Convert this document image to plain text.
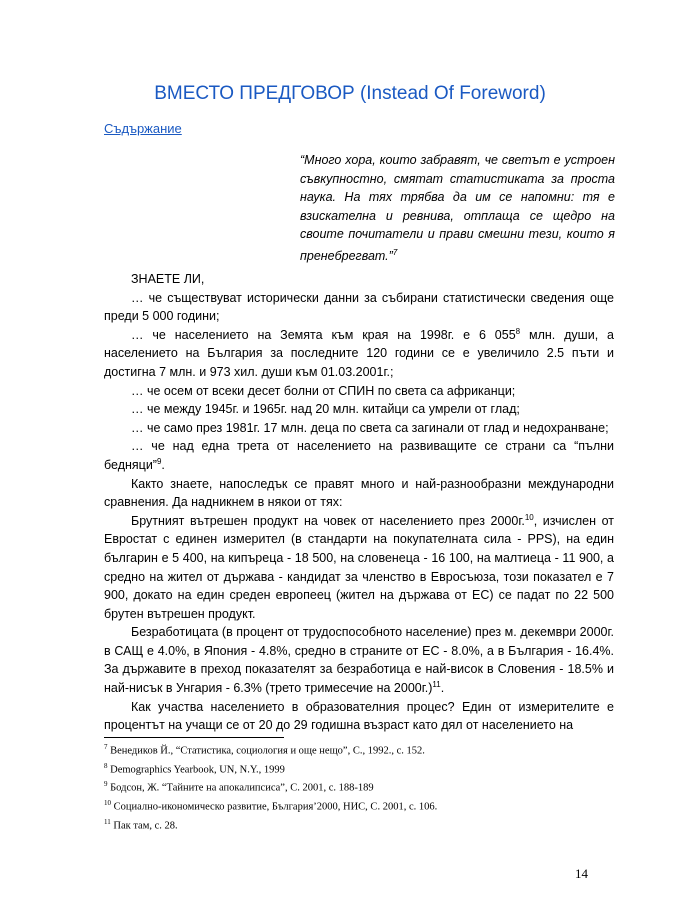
ВМЕСТО ПРЕДГОВОР (Instead Of Foreword)
Съдържание
“Много хора, които забравят, че светът е устроен съвкупностно, смятат статистиката за проста наука. На тях трябва да им се напомни: тя е взискателна и ревнива, отплаща се щедро на своите почитатели и прави смешни тези, които я пренебрегват.”$^7$

ЗНАЕТЕ ЛИ,

… че съществуват исторически данни за събирани статистически сведения още преди 5 000 години;

… че населението на Земята към края на 1998г. е 6 $055^8$ млн. души, а населението на България за последните 120 години се е увеличило 2.5 пъти и достигна 7 млн. и 973 хил. души към 01.03.2001г.;

… че осем от всеки десет болни от СПИН по света са африканци;

… че между 1945г. и 1965г. над 20 млн. китайци са умрели от глад;

… че само през 1981г. 17 млн. деца по света са загинали от глад и недохранване;

… че над една трета от населението на развиващите се страни са “пълни бедняци”$^9$.

Както знаете, напоследък се правят много и най-разнообразни международни сравнения. Да надникнем в някои от тях:

Брутният вътрешен продукт на човек от населението през 2000г.$^{10}$, изчислен от Евростат с единен измерител (в стандарти на покупателната сила - PPS), на един българин е 5 400, на кипъреца - 18 500, на словенеца - 16 100, на малтиеца - 11 900, а средно на жител от държава - кандидат за членство в Евросъюза, този показател е 7 900, докато на един среден европеец (жител на държава от ЕС) се падат по 22 500 брутен вътрешен продукт.

Безработицата (в процент от трудоспособното население) през м. декември 2000г. в САЩ е 4.0%, в Япония - 4.8%, средно в страните от ЕС - 8.0%, а в България - 16.4%. За държавите в преход показателят за безработица е най-висок в Словения - 18.5% и най-нисък в Унгария - 6.3% (трето тримесечие на 2000г.)$^{11}$.

Как участва населението в образователния процес? Един от измерителите е процентът на учащи се от 20 до 29 годишна възраст като дял от населението на

$^7$ Венедиков Й., “Статистика, социология и още нещо”, С., 1992., с. 152.
$^8$ Demographics Yearbook, UN, N.Y., 1999
$^9$ Бодсон, Ж. “Тайните на апокалипсиса”, С. 2001, с. 188-189
$^{10}$ Социално-икономическо развитие, България’2000, НИС, С. 2001, с. 106.
$^{11}$ Пак там, с. 28.
14
